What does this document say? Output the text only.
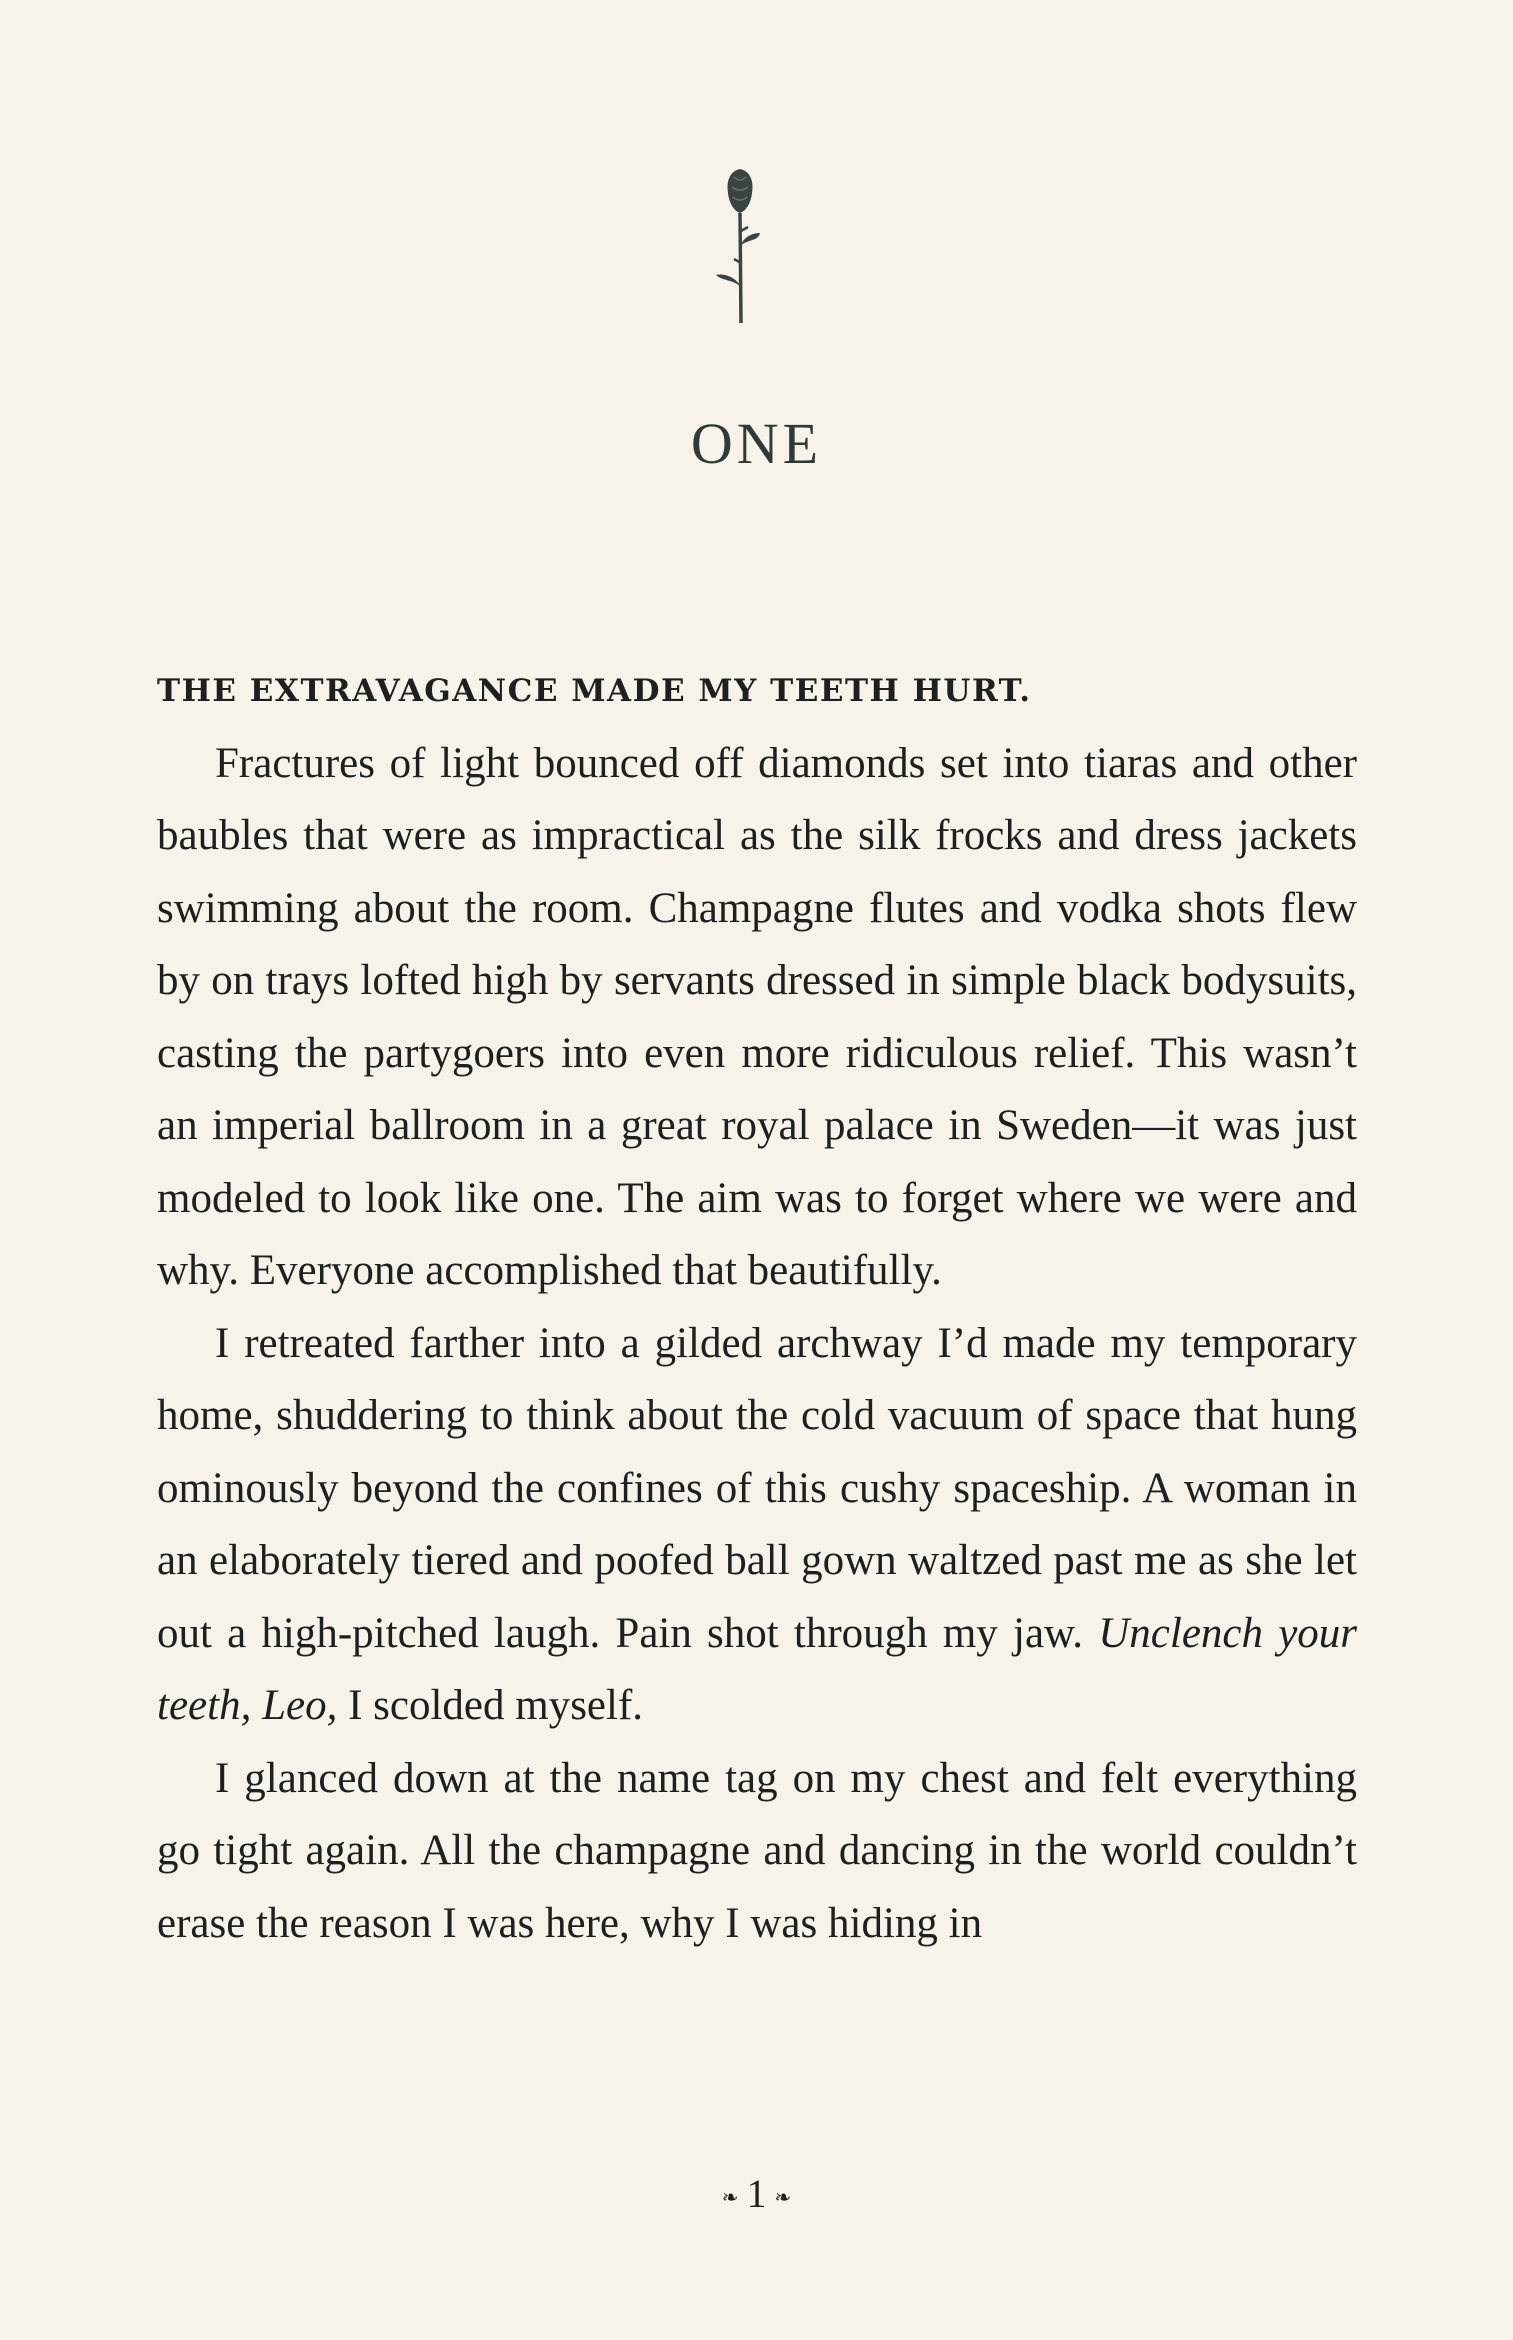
ONE

THE EXTRAVAGANCE MADE MY TEETH HURT.

Fractures of light bounced off diamonds set into tiaras and other baubles that were as impractical as the silk frocks and dress jackets swimming about the room. Champagne flutes and vodka shots flew by on trays lofted high by servants dressed in simple black bodysuits, casting the partygoers into even more ridiculous relief. This wasn’t an imperial ballroom in a great royal palace in Sweden—it was just modeled to look like one. The aim was to forget where we were and why. Everyone accomplished that beautifully.

I retreated farther into a gilded archway I’d made my temporary home, shuddering to think about the cold vacuum of space that hung ominously beyond the confines of this cushy spaceship. A woman in an elaborately tiered and poofed ball gown waltzed past me as she let out a high-pitched laugh. Pain shot through my jaw. Unclench your teeth, Leo, I scolded myself.

I glanced down at the name tag on my chest and felt everything go tight again. All the champagne and dancing in the world couldn’t erase the reason I was here, why I was hiding in

❧ 1 ❧
